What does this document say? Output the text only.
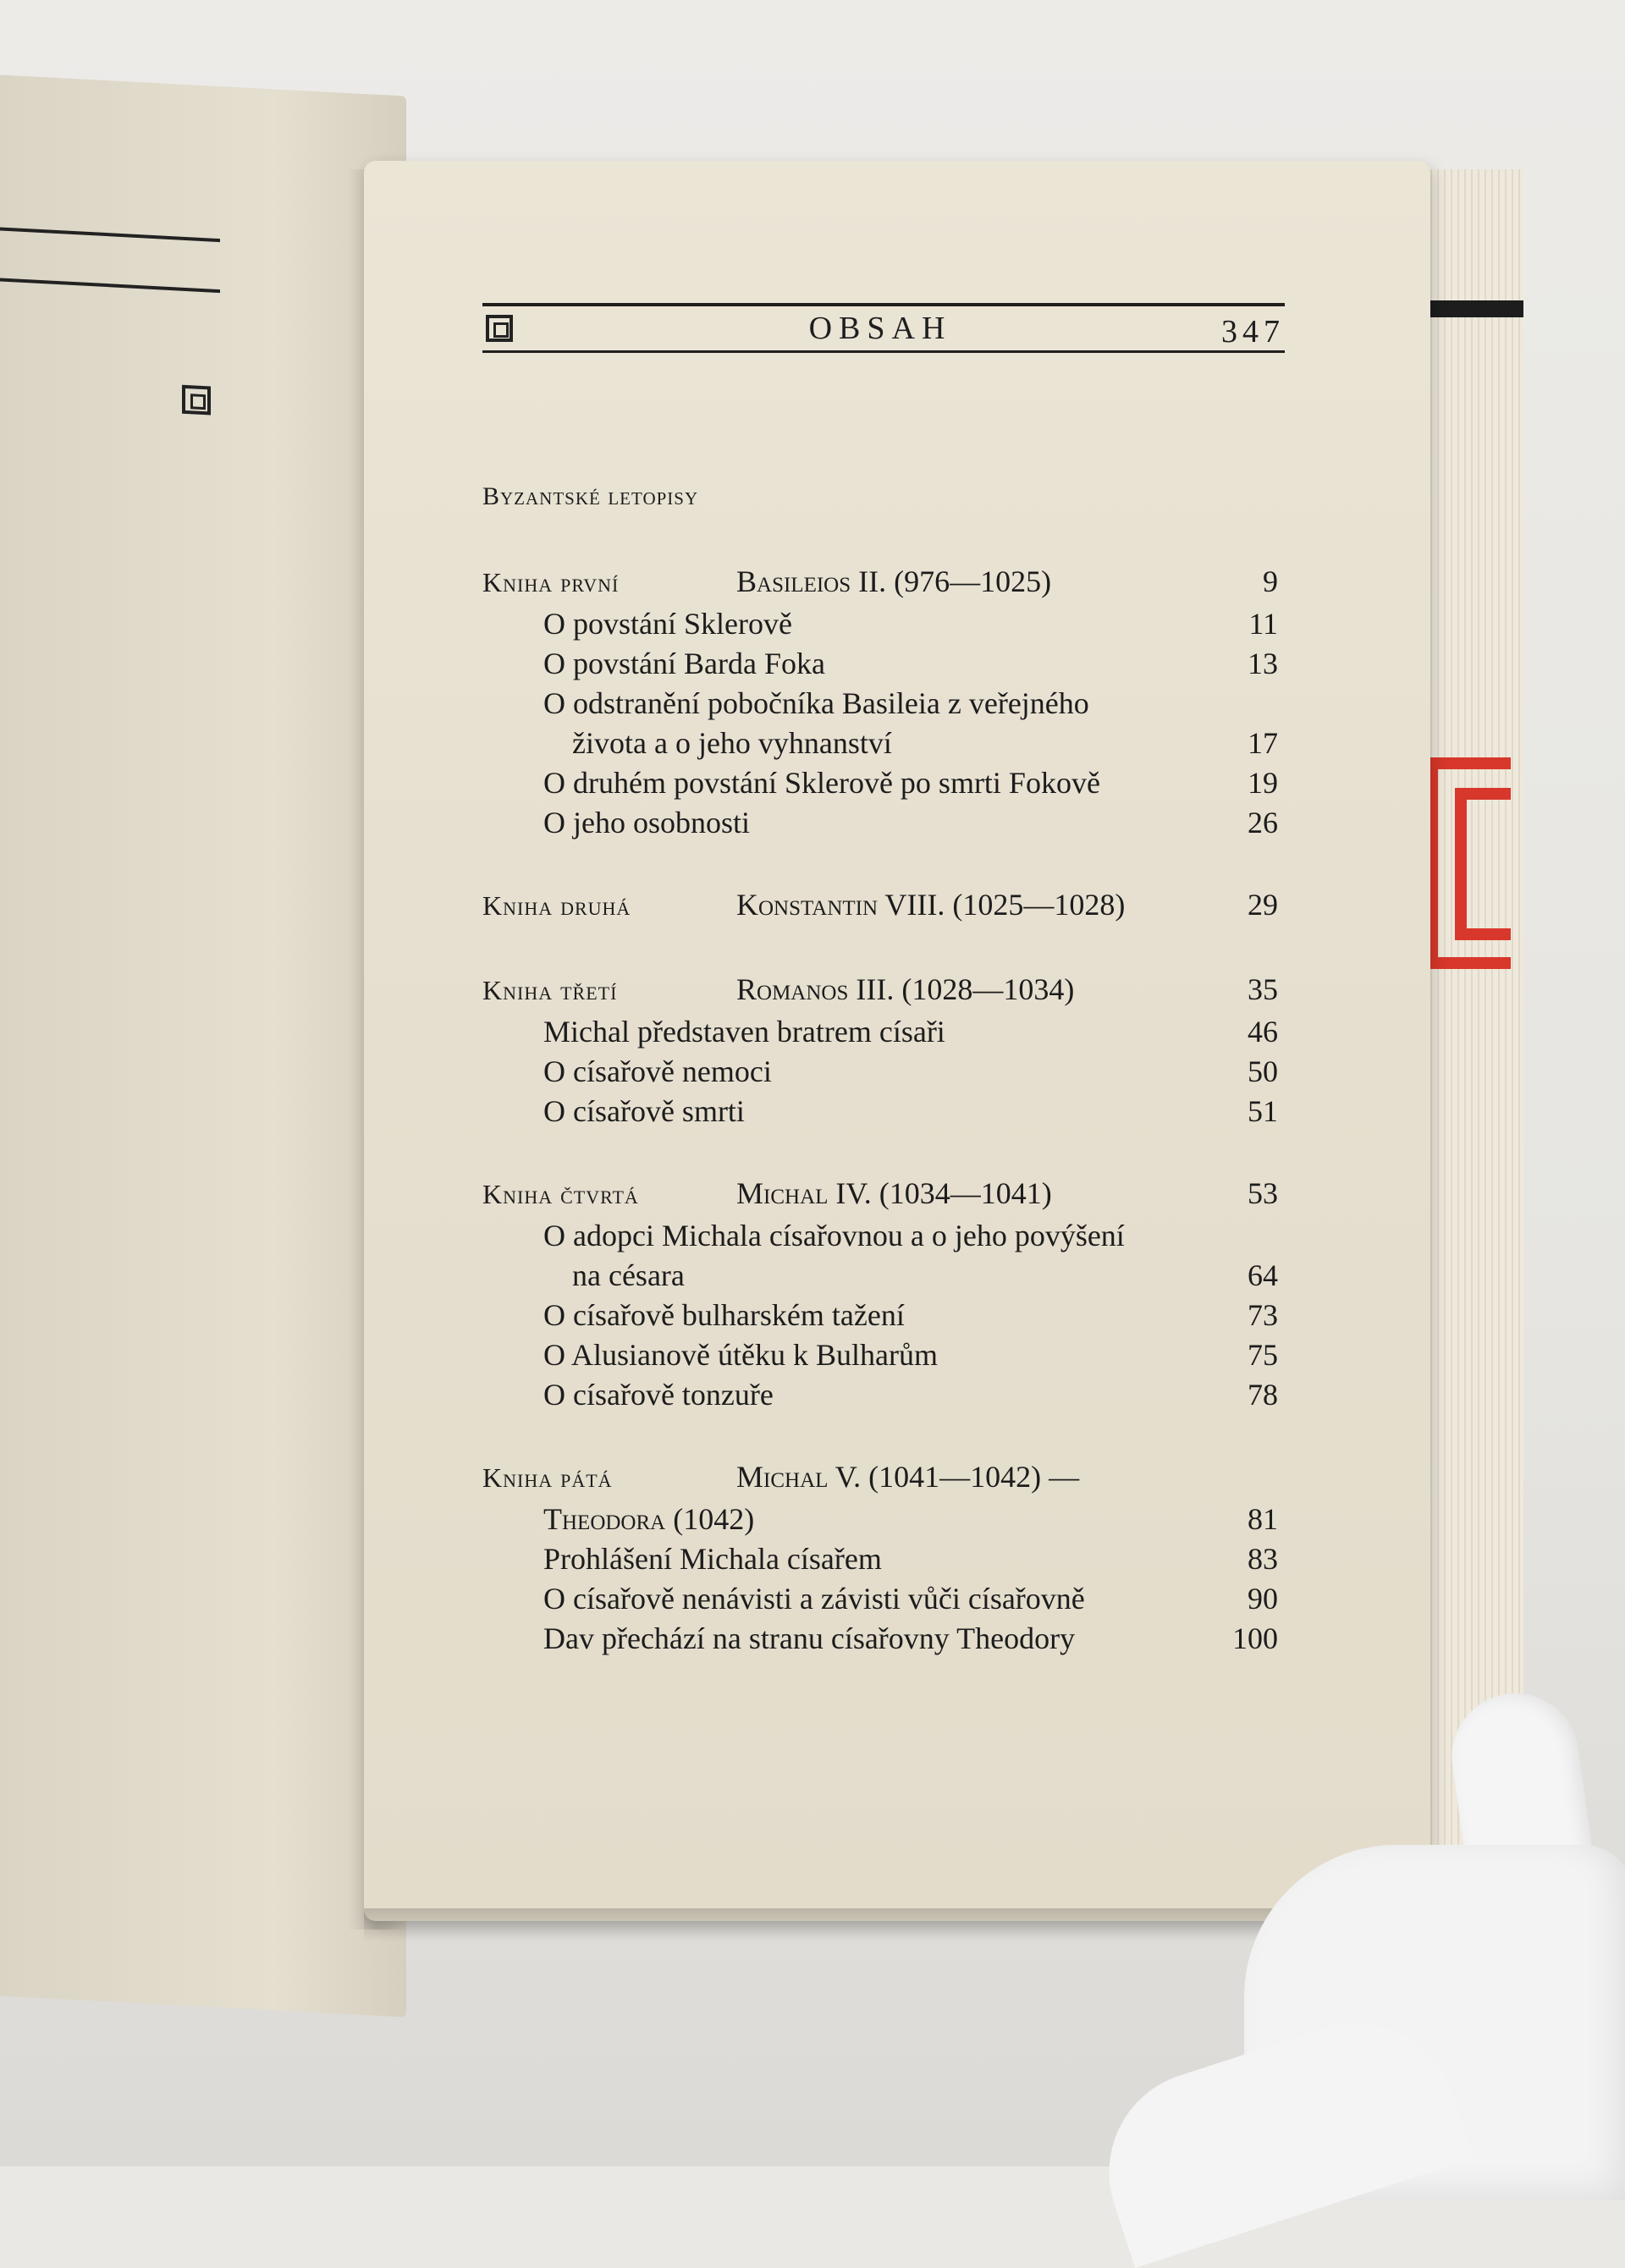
OBSAH	347
Byzantské letopisy
Kniha první	Basileios II. (976—1025)	9
O povstání Sklerově	11
O povstání Barda Foka	13
O odstranění pobočníka Basileia z veřejného
života a o jeho vyhnanství	17
O druhém povstání Sklerově po smrti Fokově	19
O jeho osobnosti	26
Kniha druhá	Konstantin VIII. (1025—1028)	29
Kniha třetí	Romanos III. (1028—1034)	35
Michal představen bratrem císaři	46
O císařově nemoci	50
O císařově smrti	51
Kniha čtvrtá	Michal IV. (1034—1041)	53
O adopci Michala císařovnou a o jeho povýšení
na césara	64
O císařově bulharském tažení	73
O Alusianově útěku k Bulharům	75
O císařově tonzuře	78
Kniha pátá	Michal V. (1041—1042) —
Theodora (1042)	81
Prohlášení Michala císařem	83
O císařově nenávisti a závisti vůči císařovně	90
Dav přechází na stranu císařovny Theodory	100
